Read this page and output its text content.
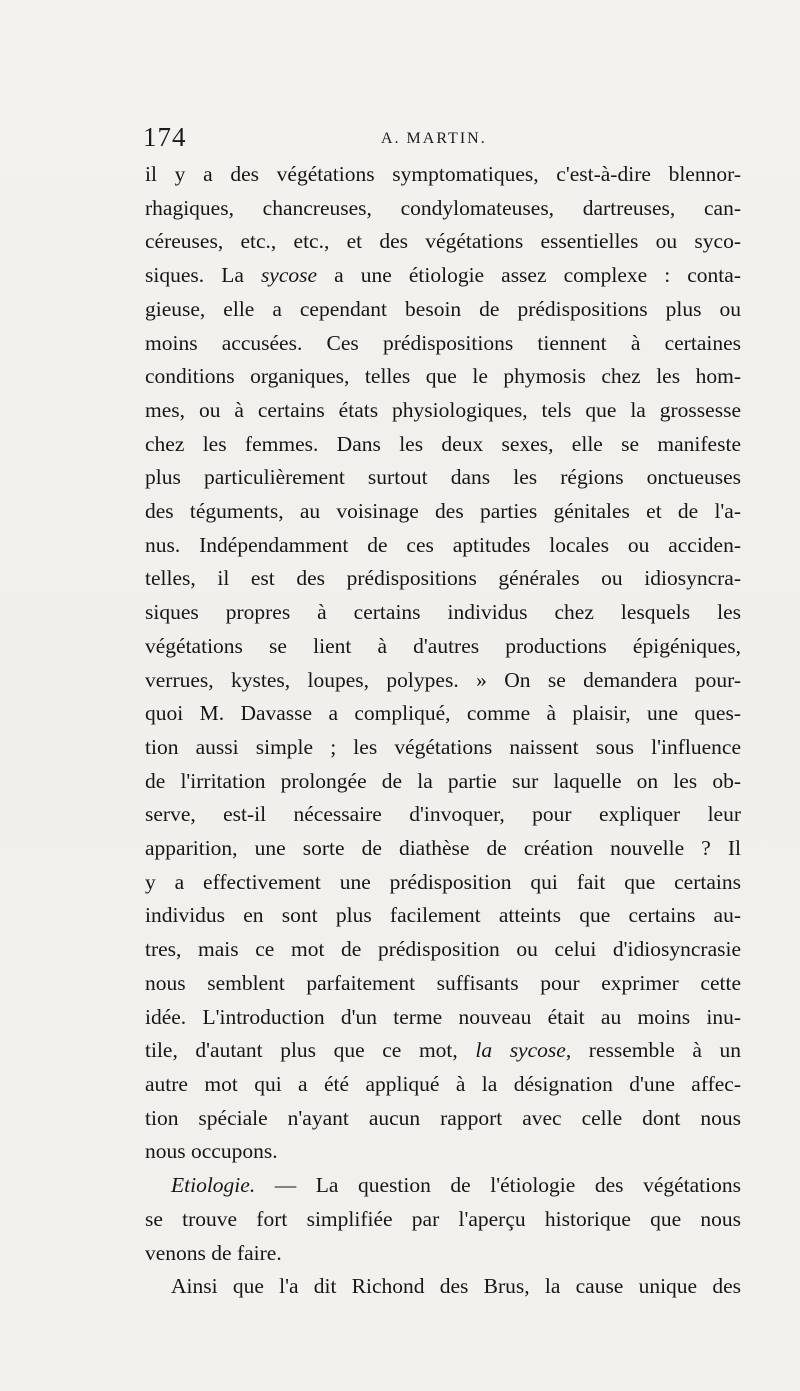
174	A. MARTIN.
il y a des végétations symptomatiques, c'est-à-dire blennor-
rhagiques, chancreuses, condylomateuses, dartreuses, can-
céreuses, etc., etc., et des végétations essentielles ou syco-
siques. La sycose a une étiologie assez complexe : conta-
gieuse, elle a cependant besoin de prédispositions plus ou
moins accusées. Ces prédispositions tiennent à certaines
conditions organiques, telles que le phymosis chez les hom-
mes, ou à certains états physiologiques, tels que la grossesse
chez les femmes. Dans les deux sexes, elle se manifeste
plus particulièrement surtout dans les régions onctueuses
des téguments, au voisinage des parties génitales et de l'a-
nus. Indépendamment de ces aptitudes locales ou acciden-
telles, il est des prédispositions générales ou idiosyncra-
siques propres à certains individus chez lesquels les
végétations se lient à d'autres productions épigéniques,
verrues, kystes, loupes, polypes. » On se demandera pour-
quoi M. Davasse a compliqué, comme à plaisir, une ques-
tion aussi simple ; les végétations naissent sous l'influence
de l'irritation prolongée de la partie sur laquelle on les ob-
serve, est-il nécessaire d'invoquer, pour expliquer leur
apparition, une sorte de diathèse de création nouvelle ? Il
y a effectivement une prédisposition qui fait que certains
individus en sont plus facilement atteints que certains au-
tres, mais ce mot de prédisposition ou celui d'idiosyncrasie
nous semblent parfaitement suffisants pour exprimer cette
idée. L'introduction d'un terme nouveau était au moins inu-
tile, d'autant plus que ce mot, la sycose, ressemble à un
autre mot qui a été appliqué à la désignation d'une affec-
tion spéciale n'ayant aucun rapport avec celle dont nous
nous occupons.
Etiologie. — La question de l'étiologie des végétations
se trouve fort simplifiée par l'aperçu historique que nous
venons de faire.
Ainsi que l'a dit Richond des Brus, la cause unique des
